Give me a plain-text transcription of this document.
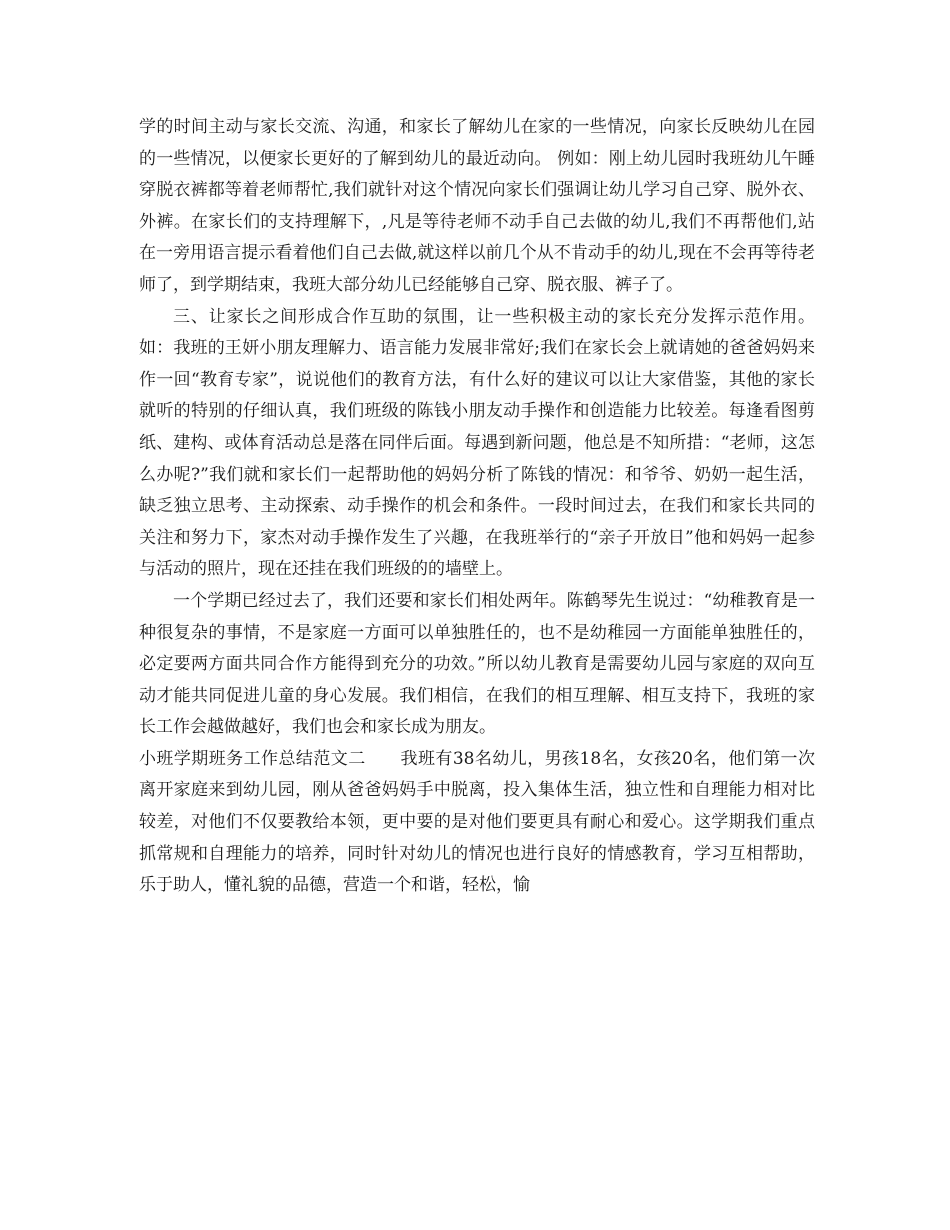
学的时间主动与家长交流、沟通，和家长了解幼儿在家的一些情况，向家长反映幼儿在园的一些情况，以便家长更好的了解到幼儿的最近动向。 例如：刚上幼儿园时我班幼儿午睡穿脱衣裤都等着老师帮忙,我们就针对这个情况向家长们强调让幼儿学习自己穿、脱外衣、外裤。在家长们的支持理解下，,凡是等待老师不动手自己去做的幼儿,我们不再帮他们,站在一旁用语言提示看着他们自己去做,就这样以前几个从不肯动手的幼儿,现在不会再等待老师了，到学期结束，我班大部分幼儿已经能够自己穿、脱衣服、裤子了。

三、让家长之间形成合作互助的氛围，让一些积极主动的家长充分发挥示范作用。 如：我班的王妍小朋友理解力、语言能力发展非常好;我们在家长会上就请她的爸爸妈妈来作一回“教育专家”，说说他们的教育方法，有什么好的建议可以让大家借鉴，其他的家长就听的特别的仔细认真，我们班级的陈钱小朋友动手操作和创造能力比较差。每逢看图剪纸、建构、或体育活动总是落在同伴后面。每遇到新问题，他总是不知所措：“老师，这怎么办呢?”我们就和家长们一起帮助他的妈妈分析了陈钱的情况：和爷爷、奶奶一起生活，缺乏独立思考、主动探索、动手操作的机会和条件。一段时间过去，在我们和家长共同的关注和努力下，家杰对动手操作发生了兴趣，在我班举行的“亲子开放日”他和妈妈一起参与活动的照片，现在还挂在我们班级的的墙壁上。

一个学期已经过去了，我们还要和家长们相处两年。陈鹤琴先生说过：“幼稚教育是一种很复杂的事情，不是家庭一方面可以单独胜任的，也不是幼稚园一方面能单独胜任的，必定要两方面共同合作方能得到充分的功效。”所以幼儿教育是需要幼儿园与家庭的双向互动才能共同促进儿童的身心发展。我们相信，在我们的相互理解、相互支持下，我班的家长工作会越做越好，我们也会和家长成为朋友。

小班学期班务工作总结范文二　　我班有38名幼儿，男孩18名，女孩20名，他们第一次离开家庭来到幼儿园，刚从爸爸妈妈手中脱离，投入集体生活，独立性和自理能力相对比较差，对他们不仅要教给本领，更中要的是对他们要更具有耐心和爱心。这学期我们重点抓常规和自理能力的培养，同时针对幼儿的情况也进行良好的情感教育，学习互相帮助，乐于助人，懂礼貌的品德，营造一个和谐，轻松，愉
